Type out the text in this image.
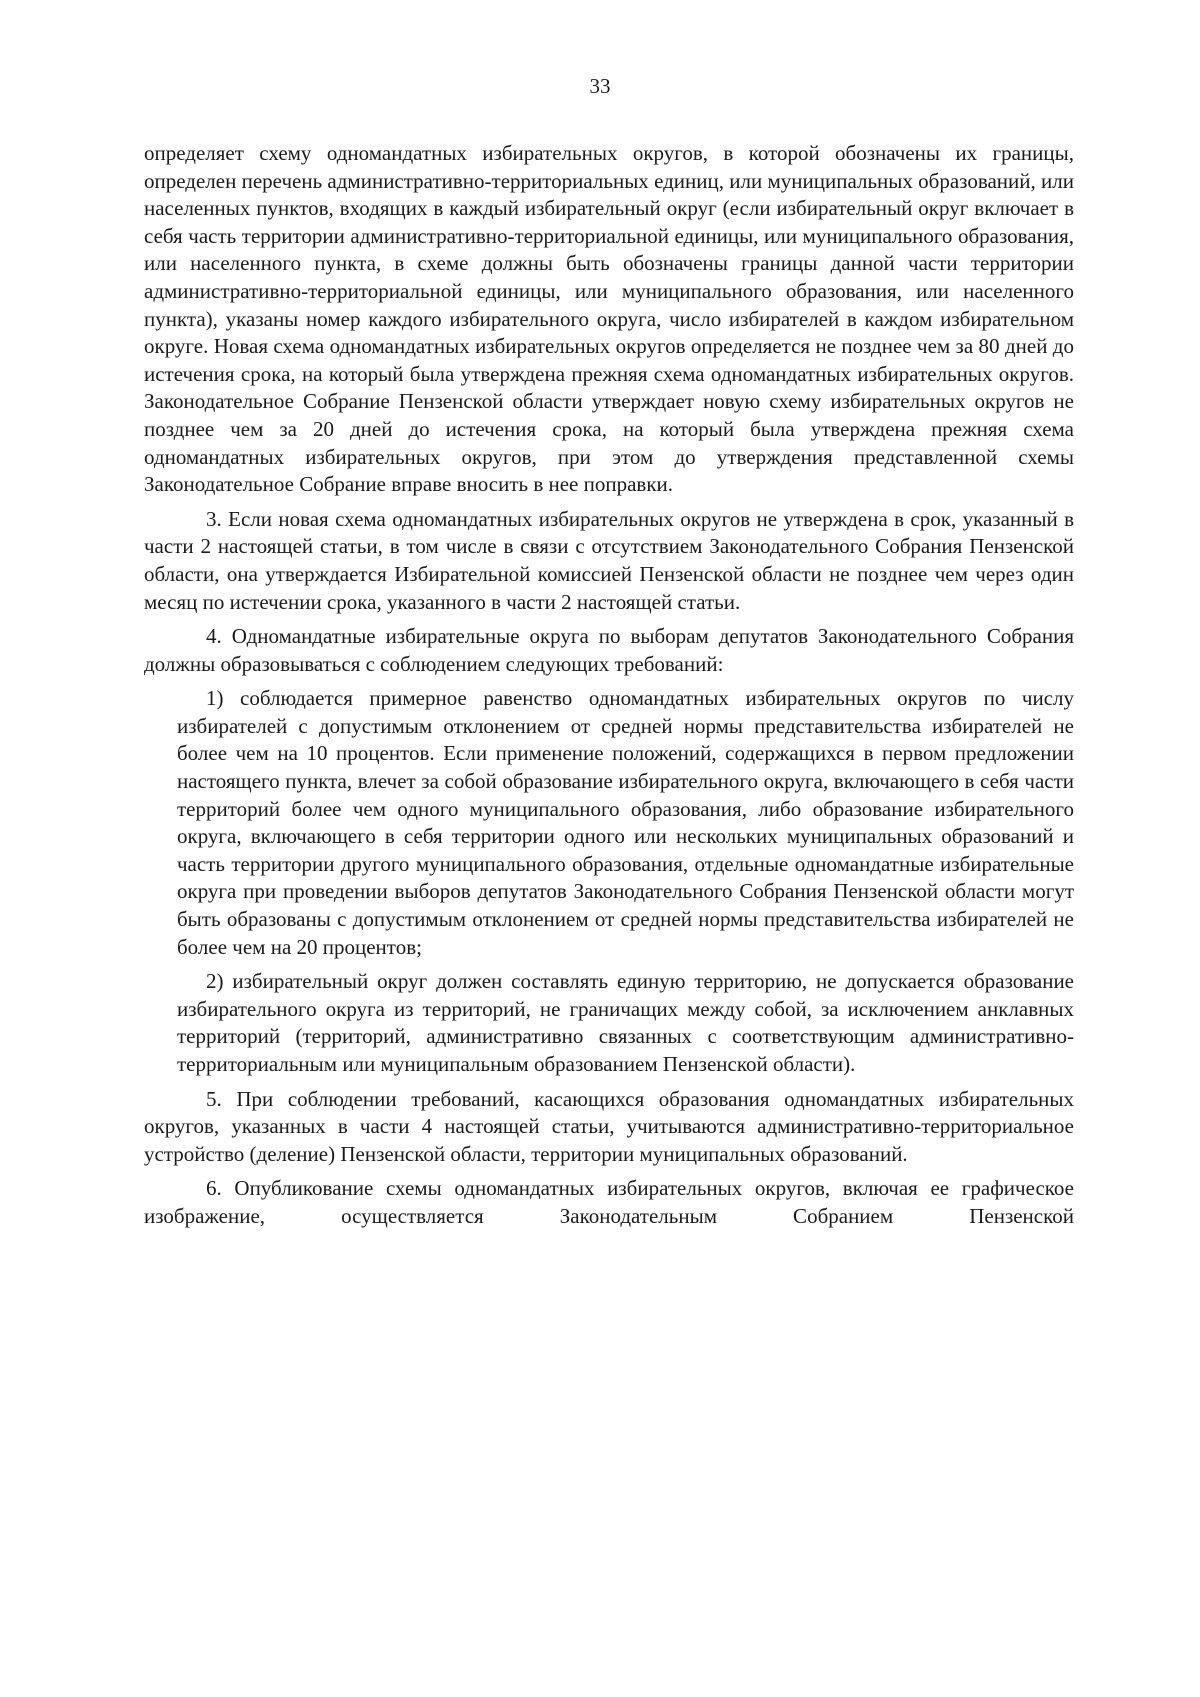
33

определяет схему одномандатных избирательных округов, в которой обозначены их границы, определен перечень административно-территориальных единиц, или муниципальных образований, или населенных пунктов, входящих в каждый избирательный округ (если избирательный округ включает в себя часть территории административно-территориальной единицы, или муниципального образования, или населенного пункта, в схеме должны быть обозначены границы данной части территории административно-территориальной единицы, или муниципального образования, или населенного пункта), указаны номер каждого избирательного округа, число избирателей в каждом избирательном округе. Новая схема одномандатных избирательных округов определяется не позднее чем за 80 дней до истечения срока, на который была утверждена прежняя схема одномандатных избирательных округов. Законодательное Собрание Пензенской области утверждает новую схему избирательных округов не позднее чем за 20 дней до истечения срока, на который была утверждена прежняя схема одномандатных избирательных округов, при этом до утверждения представленной схемы Законодательное Собрание вправе вносить в нее поправки.

3. Если новая схема одномандатных избирательных округов не утверждена в срок, указанный в части 2 настоящей статьи, в том числе в связи с отсутствием Законодательного Собрания Пензенской области, она утверждается Избирательной комиссией Пензенской области не позднее чем через один месяц по истечении срока, указанного в части 2 настоящей статьи.

4. Одномандатные избирательные округа по выборам депутатов Законодательного Собрания должны образовываться с соблюдением следующих требований:

1) соблюдается примерное равенство одномандатных избирательных округов по числу избирателей с допустимым отклонением от средней нормы представительства избирателей не более чем на 10 процентов. Если применение положений, содержащихся в первом предложении настоящего пункта, влечет за собой образование избирательного округа, включающего в себя части территорий более чем одного муниципального образования, либо образование избирательного округа, включающего в себя территории одного или нескольких муниципальных образований и часть территории другого муниципального образования, отдельные одномандатные избирательные округа при проведении выборов депутатов Законодательного Собрания Пензенской области могут быть образованы с допустимым отклонением от средней нормы представительства избирателей не более чем на 20 процентов;

2) избирательный округ должен составлять единую территорию, не допускается образование избирательного округа из территорий, не граничащих между собой, за исключением анклавных территорий (территорий, административно связанных с соответствующим административно-территориальным или муниципальным образованием Пензенской области).

5. При соблюдении требований, касающихся образования одномандатных избирательных округов, указанных в части 4 настоящей статьи, учитываются административно-территориальное устройство (деление) Пензенской области, территории муниципальных образований.

6. Опубликование схемы одномандатных избирательных округов, включая ее графическое изображение, осуществляется Законодательным Собранием Пензенской
